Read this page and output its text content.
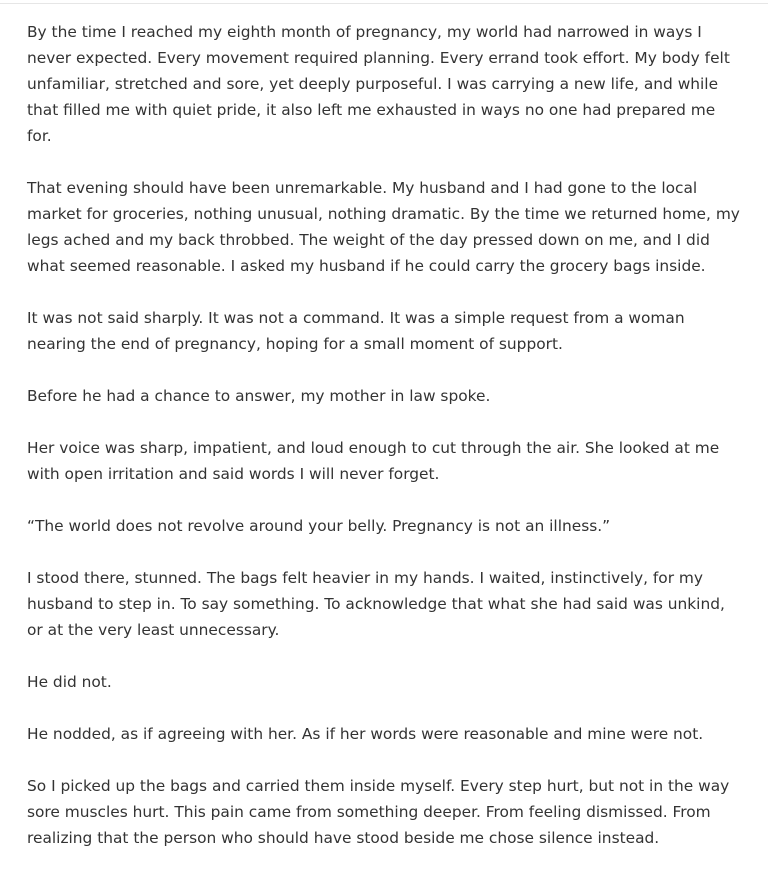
By the time I reached my eighth month of pregnancy, my world had narrowed in ways I never expected. Every movement required planning. Every errand took effort. My body felt unfamiliar, stretched and sore, yet deeply purposeful. I was carrying a new life, and while that filled me with quiet pride, it also left me exhausted in ways no one had prepared me for.

That evening should have been unremarkable. My husband and I had gone to the local market for groceries, nothing unusual, nothing dramatic. By the time we returned home, my legs ached and my back throbbed. The weight of the day pressed down on me, and I did what seemed reasonable. I asked my husband if he could carry the grocery bags inside.

It was not said sharply. It was not a command. It was a simple request from a woman nearing the end of pregnancy, hoping for a small moment of support.

Before he had a chance to answer, my mother in law spoke.

Her voice was sharp, impatient, and loud enough to cut through the air. She looked at me with open irritation and said words I will never forget.

“The world does not revolve around your belly. Pregnancy is not an illness.”

I stood there, stunned. The bags felt heavier in my hands. I waited, instinctively, for my husband to step in. To say something. To acknowledge that what she had said was unkind, or at the very least unnecessary.

He did not.

He nodded, as if agreeing with her. As if her words were reasonable and mine were not.

So I picked up the bags and carried them inside myself. Every step hurt, but not in the way sore muscles hurt. This pain came from something deeper. From feeling dismissed. From realizing that the person who should have stood beside me chose silence instead.
